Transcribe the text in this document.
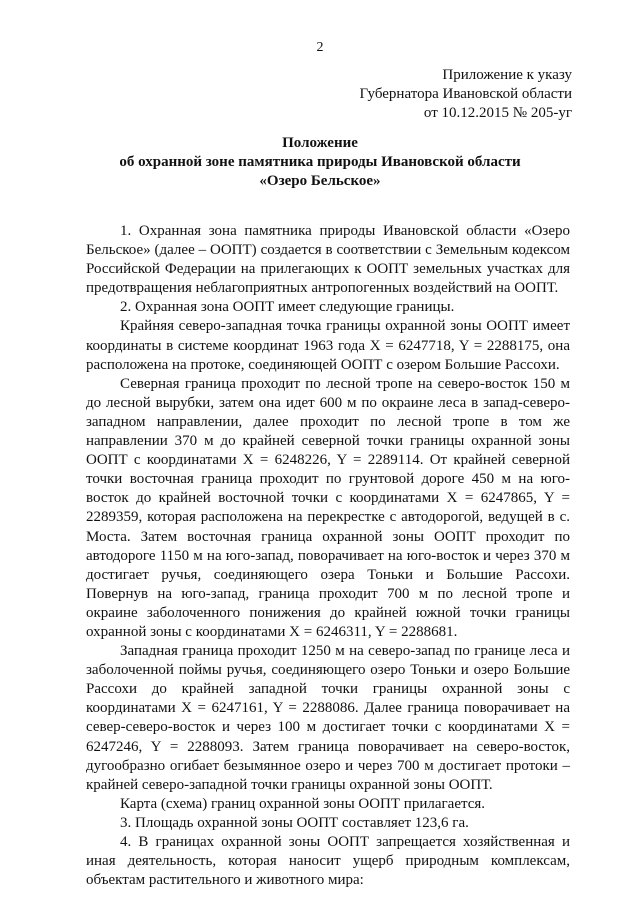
2
Приложение к указу
Губернатора Ивановской области
от 10.12.2015 № 205-уг
Положение
об охранной зоне памятника природы Ивановской области
«Озеро Бельское»

1. Охранная зона памятника природы Ивановской области «Озеро Бельское» (далее – ООПТ) создается в соответствии с Земельным кодексом Российской Федерации на прилегающих к ООПТ земельных участках для предотвращения неблагоприятных антропогенных воздействий на ООПТ.

2. Охранная зона ООПТ имеет следующие границы.

Крайняя северо-западная точка границы охранной зоны ООПТ имеет координаты в системе координат 1963 года X = 6247718, Y = 2288175, она расположена на протоке, соединяющей ООПТ с озером Большие Рассохи.

Северная граница проходит по лесной тропе на северо-восток 150 м до лесной вырубки, затем она идет 600 м по окраине леса в запад-северо-западном направлении, далее проходит по лесной тропе в том же направлении 370 м до крайней северной точки границы охранной зоны ООПТ с координатами X = 6248226, Y = 2289114. От крайней северной точки восточная граница проходит по грунтовой дороге 450 м на юго-восток до крайней восточной точки с координатами X = 6247865, Y = 2289359, которая расположена на перекрестке с автодорогой, ведущей в с. Моста. Затем восточная граница охранной зоны ООПТ проходит по автодороге 1150 м на юго-запад, поворачивает на юго-восток и через 370 м достигает ручья, соединяющего озера Тоньки и Большие Рассохи. Повернув на юго-запад, граница проходит 700 м по лесной тропе и окраине заболоченного понижения до крайней южной точки границы охранной зоны с координатами X = 6246311, Y = 2288681.

Западная граница проходит 1250 м на северо-запад по границе леса и заболоченной поймы ручья, соединяющего озеро Тоньки и озеро Большие Рассохи до крайней западной точки границы охранной зоны с координатами X = 6247161, Y = 2288086. Далее граница поворачивает на север-северо-восток и через 100 м достигает точки с координатами X = 6247246, Y = 2288093. Затем граница поворачивает на северо-восток, дугообразно огибает безымянное озеро и через 700 м достигает протоки – крайней северо-западной точки границы охранной зоны ООПТ.

Карта (схема) границ охранной зоны ООПТ прилагается.

3. Площадь охранной зоны ООПТ составляет 123,6 га.

4. В границах охранной зоны ООПТ запрещается хозяйственная и иная деятельность, которая наносит ущерб природным комплексам, объектам растительного и животного мира:
